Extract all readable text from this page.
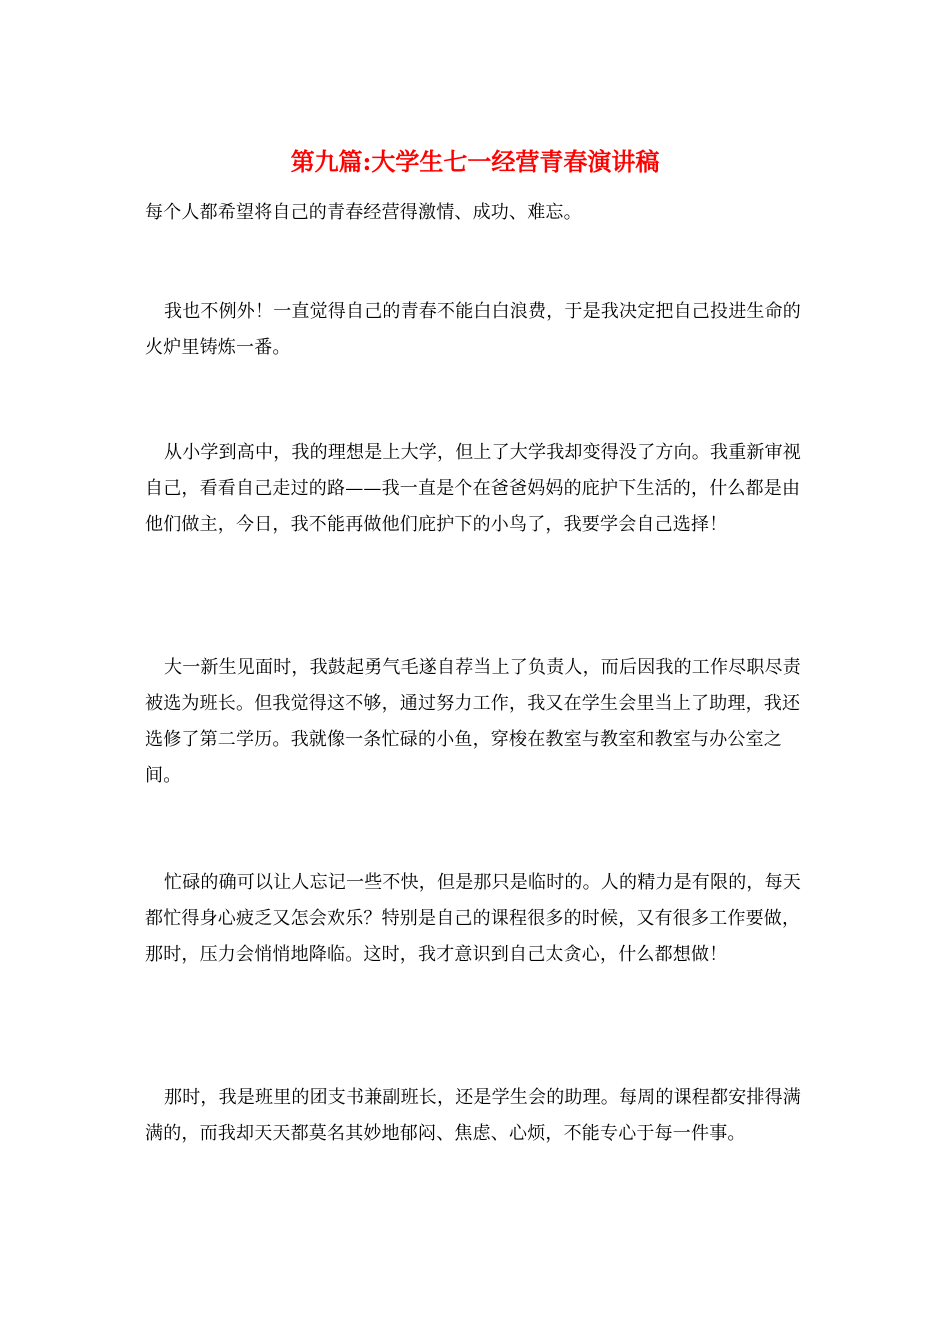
第九篇:大学生七一经营青春演讲稿

每个人都希望将自己的青春经营得激情、成功、难忘。

我也不例外！一直觉得自己的青春不能白白浪费，于是我决定把自己投进生命的火炉里铸炼一番。

从小学到高中，我的理想是上大学，但上了大学我却变得没了方向。我重新审视自己，看看自己走过的路——我一直是个在爸爸妈妈的庇护下生活的，什么都是由他们做主，今日，我不能再做他们庇护下的小鸟了，我要学会自己选择！

大一新生见面时，我鼓起勇气毛遂自荐当上了负责人，而后因我的工作尽职尽责被选为班长。但我觉得这不够，通过努力工作，我又在学生会里当上了助理，我还选修了第二学历。我就像一条忙碌的小鱼，穿梭在教室与教室和教室与办公室之间。

忙碌的确可以让人忘记一些不快，但是那只是临时的。人的精力是有限的，每天都忙得身心疲乏又怎会欢乐？特别是自己的课程很多的时候，又有很多工作要做，那时，压力会悄悄地降临。这时，我才意识到自己太贪心，什么都想做！

那时，我是班里的团支书兼副班长，还是学生会的助理。每周的课程都安排得满满的，而我却天天都莫名其妙地郁闷、焦虑、心烦，不能专心于每一件事。
